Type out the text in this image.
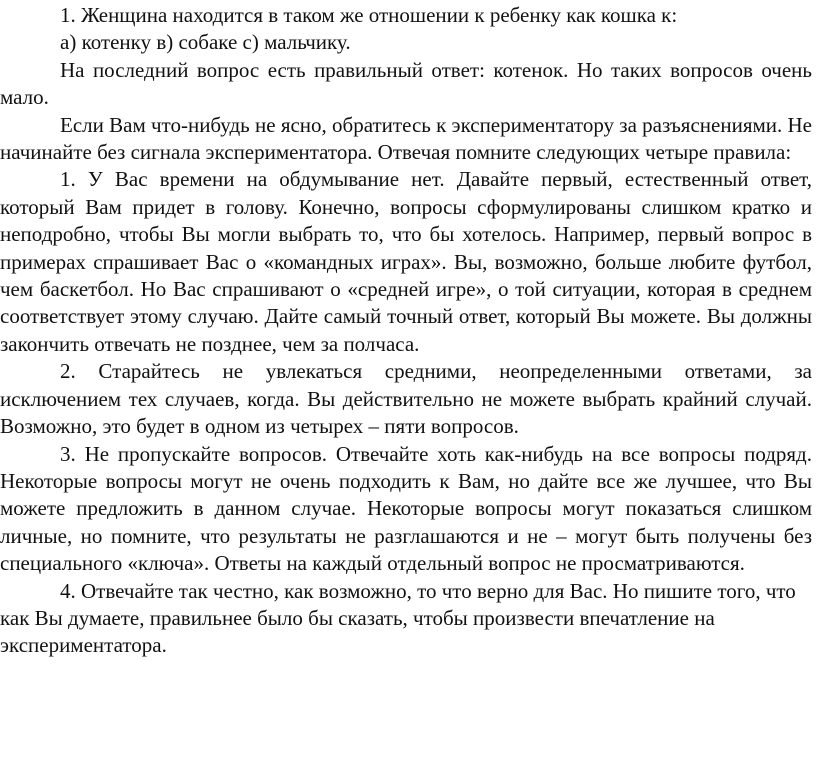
1. Женщина находится в таком же отношении к ребенку как кошка к:

а) котенку в) собаке с) мальчику.

На последний вопрос есть правильный ответ: котенок. Но таких вопросов очень мало.

Если Вам что-нибудь не ясно, обратитесь к экспериментатору за разъяснениями. Не начинайте без сигнала экспериментатора. Отвечая помните следующих четыре правила:

1. У Вас времени на обдумывание нет. Давайте первый, естественный ответ, который Вам придет в голову. Конечно, вопросы сформулированы слишком кратко и неподробно, чтобы Вы могли выбрать то, что бы хотелось. Например, первый вопрос в примерах спрашивает Вас о «командных играх». Вы, возможно, больше любите футбол, чем баскетбол. Но Вас спрашивают о «средней игре», о той ситуации, которая в среднем соответствует этому случаю. Дайте самый точный ответ, который Вы можете. Вы должны закончить отвечать не позднее, чем за полчаса.

2. Старайтесь не увлекаться средними, неопределенными ответами, за исключением тех случаев, когда. Вы действительно не можете выбрать крайний случай. Возможно, это будет в одном из четырех – пяти вопросов.

3. Не пропускайте вопросов. Отвечайте хоть как-нибудь на все вопросы подряд. Некоторые вопросы могут не очень подходить к Вам, но дайте все же лучшее, что Вы можете предложить в данном случае. Некоторые вопросы могут показаться слишком личные, но помните, что результаты не разглашаются и не – могут быть получены без специального «ключа». Ответы на каждый отдельный вопрос не просматриваются.

4. Отвечайте так честно, как возможно, то что верно для Вас. Но пишите того, что как Вы думаете, правильнее было бы сказать, чтобы произвести впечатление на экспериментатора.
